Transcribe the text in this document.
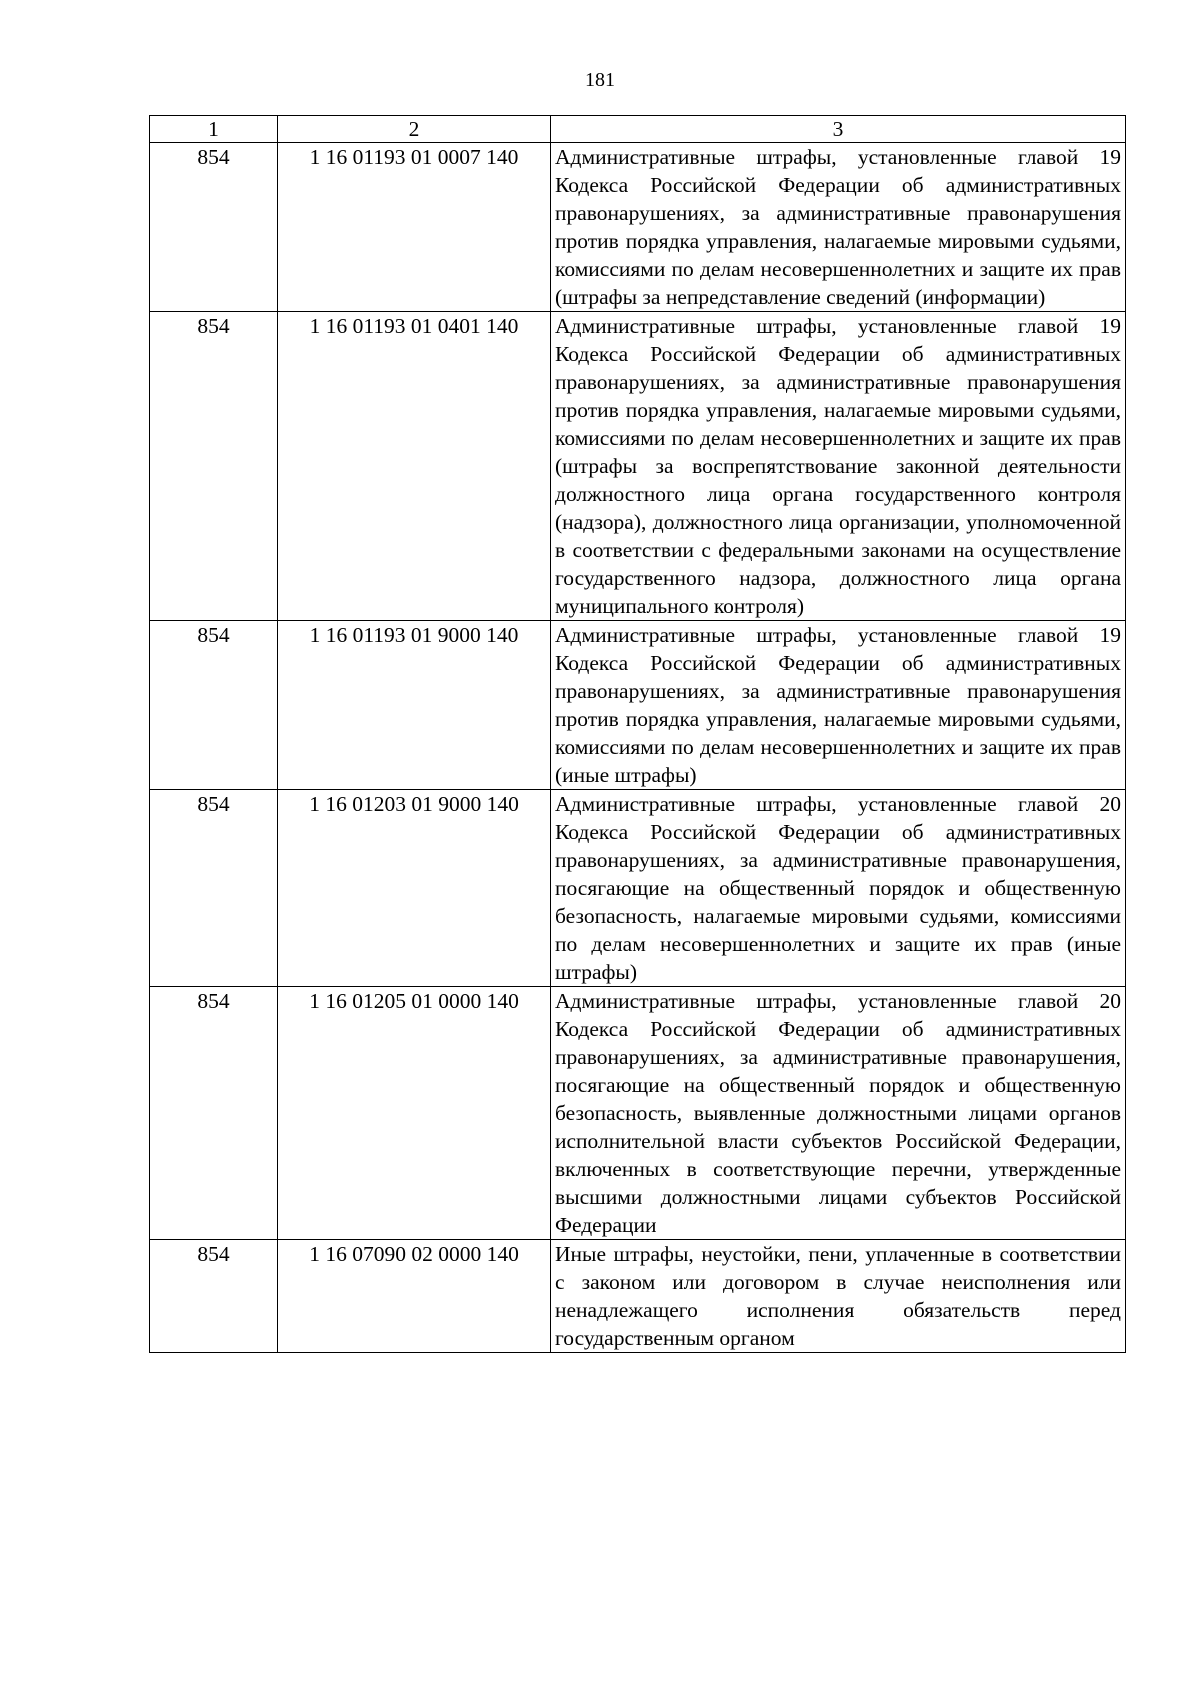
181
1	2	3
854	1 16 01193 01 0007 140	Административные штрафы, установленные главой 19 Кодекса Российской Федерации об административных правонарушениях, за административные правонарушения против порядка управления, налагаемые мировыми судьями, комиссиями по делам несовершеннолетних и защите их прав (штрафы за непредставление сведений (информации)
854	1 16 01193 01 0401 140	Административные штрафы, установленные главой 19 Кодекса Российской Федерации об административных правонарушениях, за административные правонарушения против порядка управления, налагаемые мировыми судьями, комиссиями по делам несовершеннолетних и защите их прав (штрафы за воспрепятствование законной деятельности должностного лица органа государственного контроля (надзора), должностного лица организации, уполномоченной в соответствии с федеральными законами на осуществление государственного надзора, должностного лица органа муниципального контроля)
854	1 16 01193 01 9000 140	Административные штрафы, установленные главой 19 Кодекса Российской Федерации об административных правонарушениях, за административные правонарушения против порядка управления, налагаемые мировыми судьями, комиссиями по делам несовершеннолетних и защите их прав (иные штрафы)
854	1 16 01203 01 9000 140	Административные штрафы, установленные главой 20 Кодекса Российской Федерации об административных правонарушениях, за административные правонарушения, посягающие на общественный порядок и общественную безопасность, налагаемые мировыми судьями, комиссиями по делам несовершеннолетних и защите их прав (иные штрафы)
854	1 16 01205 01 0000 140	Административные штрафы, установленные главой 20 Кодекса Российской Федерации об административных правонарушениях, за административные правонарушения, посягающие на общественный порядок и общественную безопасность, выявленные должностными лицами органов исполнительной власти субъектов Российской Федерации, включенных в соответствующие перечни, утвержденные высшими должностными лицами субъектов Российской Федерации
854	1 16 07090 02 0000 140	Иные штрафы, неустойки, пени, уплаченные в соответствии с законом или договором в случае неисполнения или ненадлежащего исполнения обязательств перед государственным органом
